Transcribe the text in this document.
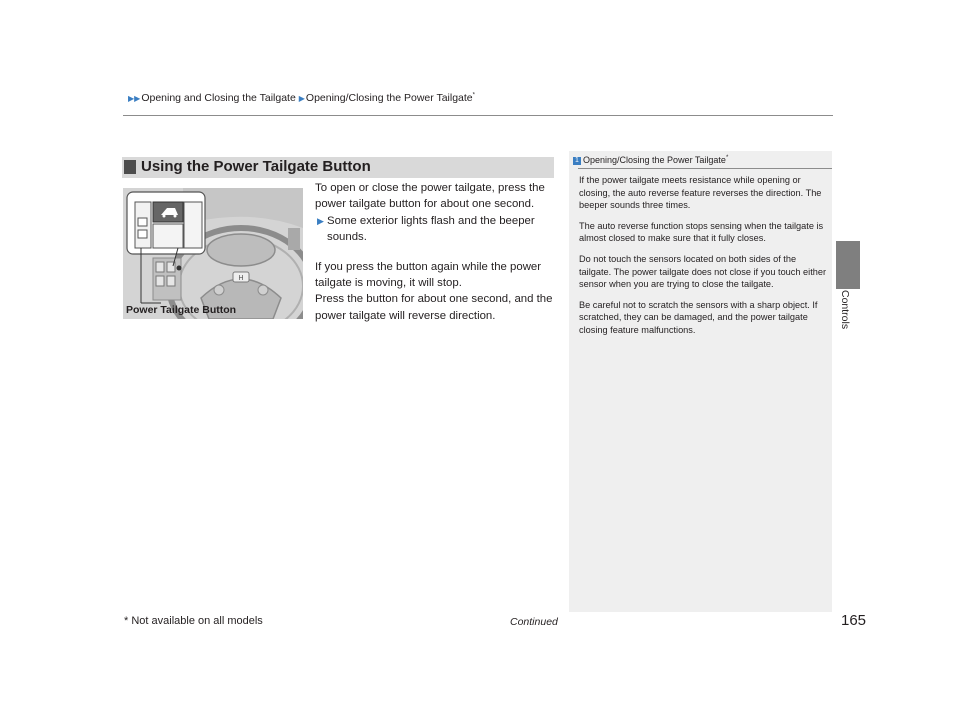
▶▶Opening and Closing the Tailgate ▶Opening/Closing the Power Tailgate*
Controls
Using the Power Tailgate Button
H
Power Tailgate Button

To open or close the power tailgate, press the power tailgate button for about one second.

▶ Some exterior lights flash and the beeper sounds.

If you press the button again while the power tailgate is moving, it will stop.

Press the button for about one second, and the power tailgate will reverse direction.

1 Opening/Closing the Power Tailgate*

If the power tailgate meets resistance while opening or closing, the auto reverse feature reverses the direction. The beeper sounds three times.

The auto reverse function stops sensing when the tailgate is almost closed to make sure that it fully closes.

Do not touch the sensors located on both sides of the tailgate. The power tailgate does not close if you touch either sensor when you are trying to close the tailgate.

Be careful not to scratch the sensors with a sharp object. If scratched, they can be damaged, and the power tailgate closing feature malfunctions.

* Not available on all models	Continued	165
